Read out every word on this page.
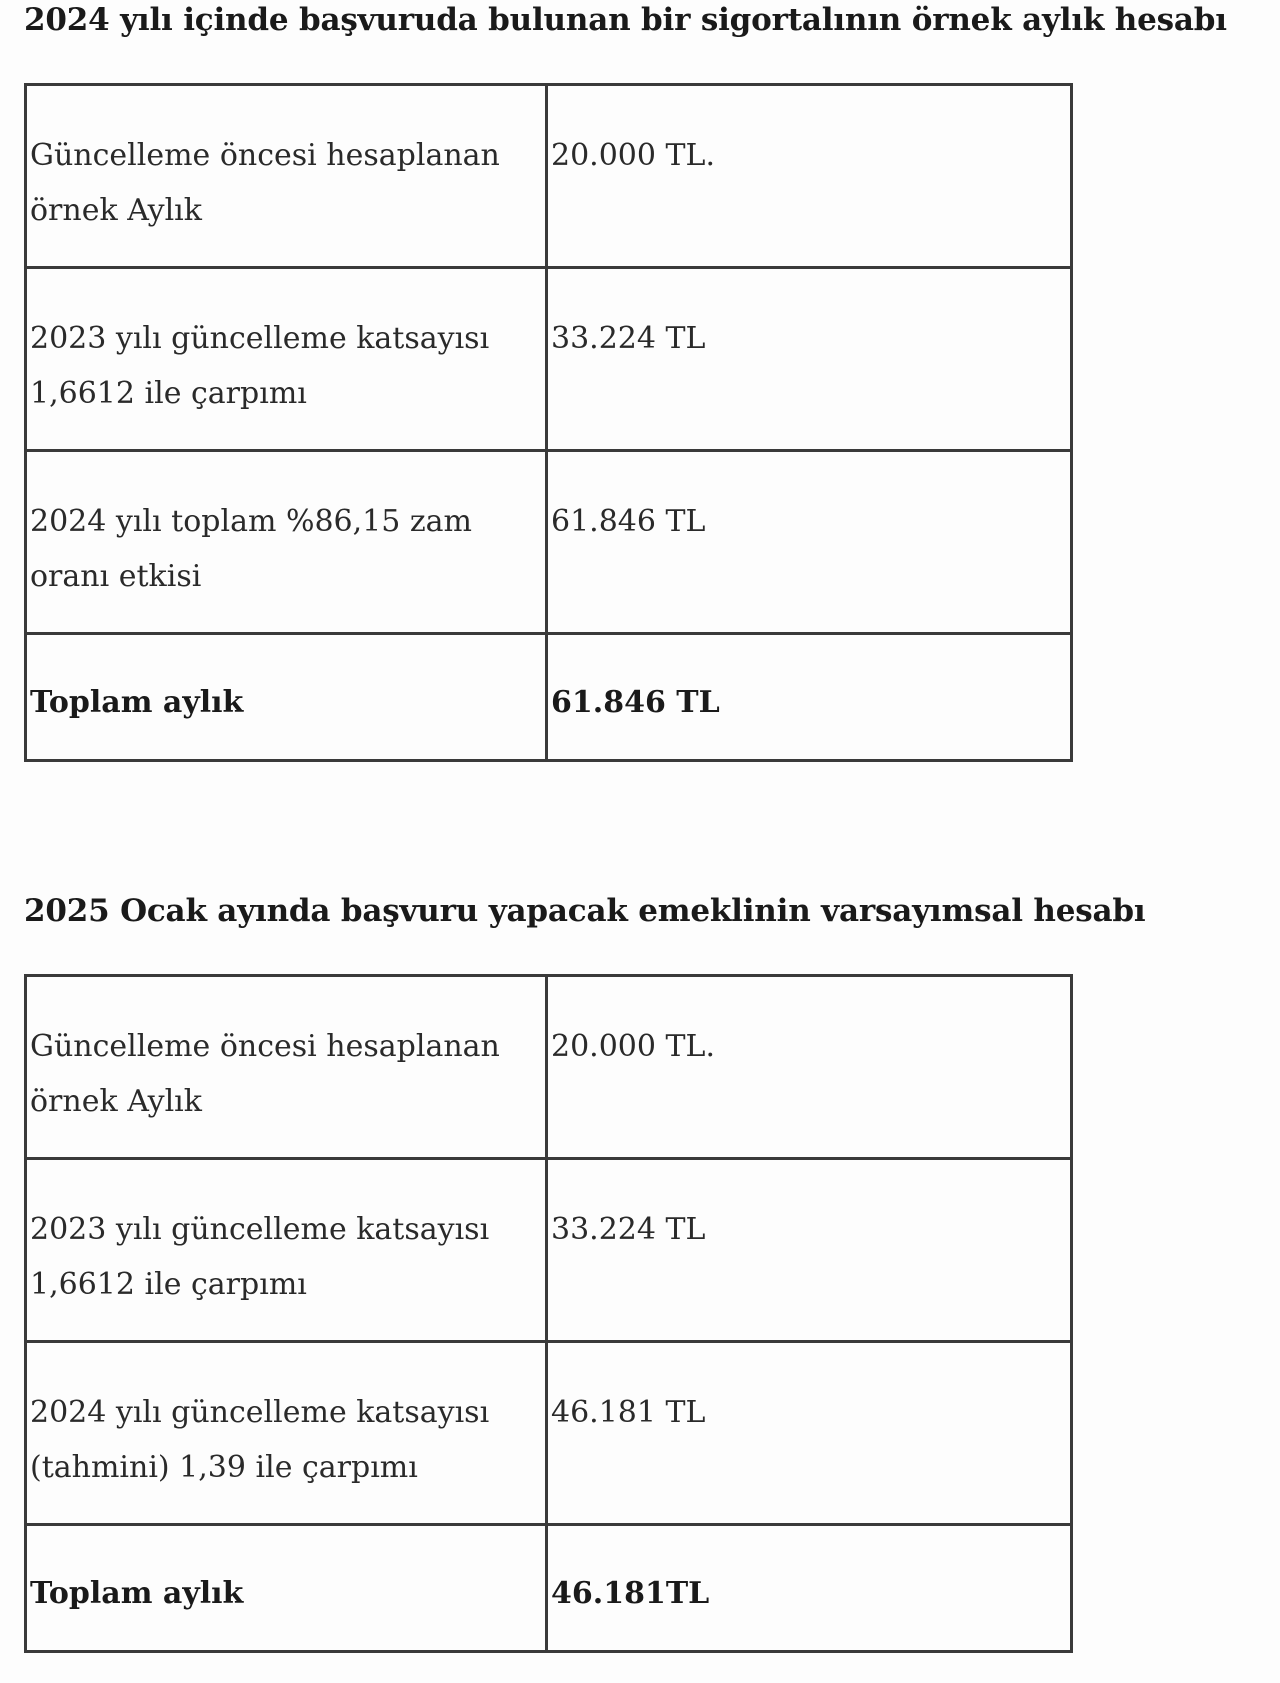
2024 yılı içinde başvuruda bulunan bir sigortalının örnek aylık hesabı
Güncelleme öncesi hesaplanan örnek Aylık	20.000 TL.
2023 yılı güncelleme katsayısı 1,6612 ile çarpımı	33.224 TL
2024 yılı toplam %86,15 zam oranı etkisi	61.846 TL
Toplam aylık	61.846 TL
2025 Ocak ayında başvuru yapacak emeklinin varsayımsal hesabı
Güncelleme öncesi hesaplanan örnek Aylık	20.000 TL.
2023 yılı güncelleme katsayısı 1,6612 ile çarpımı	33.224 TL
2024 yılı güncelleme katsayısı (tahmini) 1,39 ile çarpımı	46.181 TL
Toplam aylık	46.181TL
